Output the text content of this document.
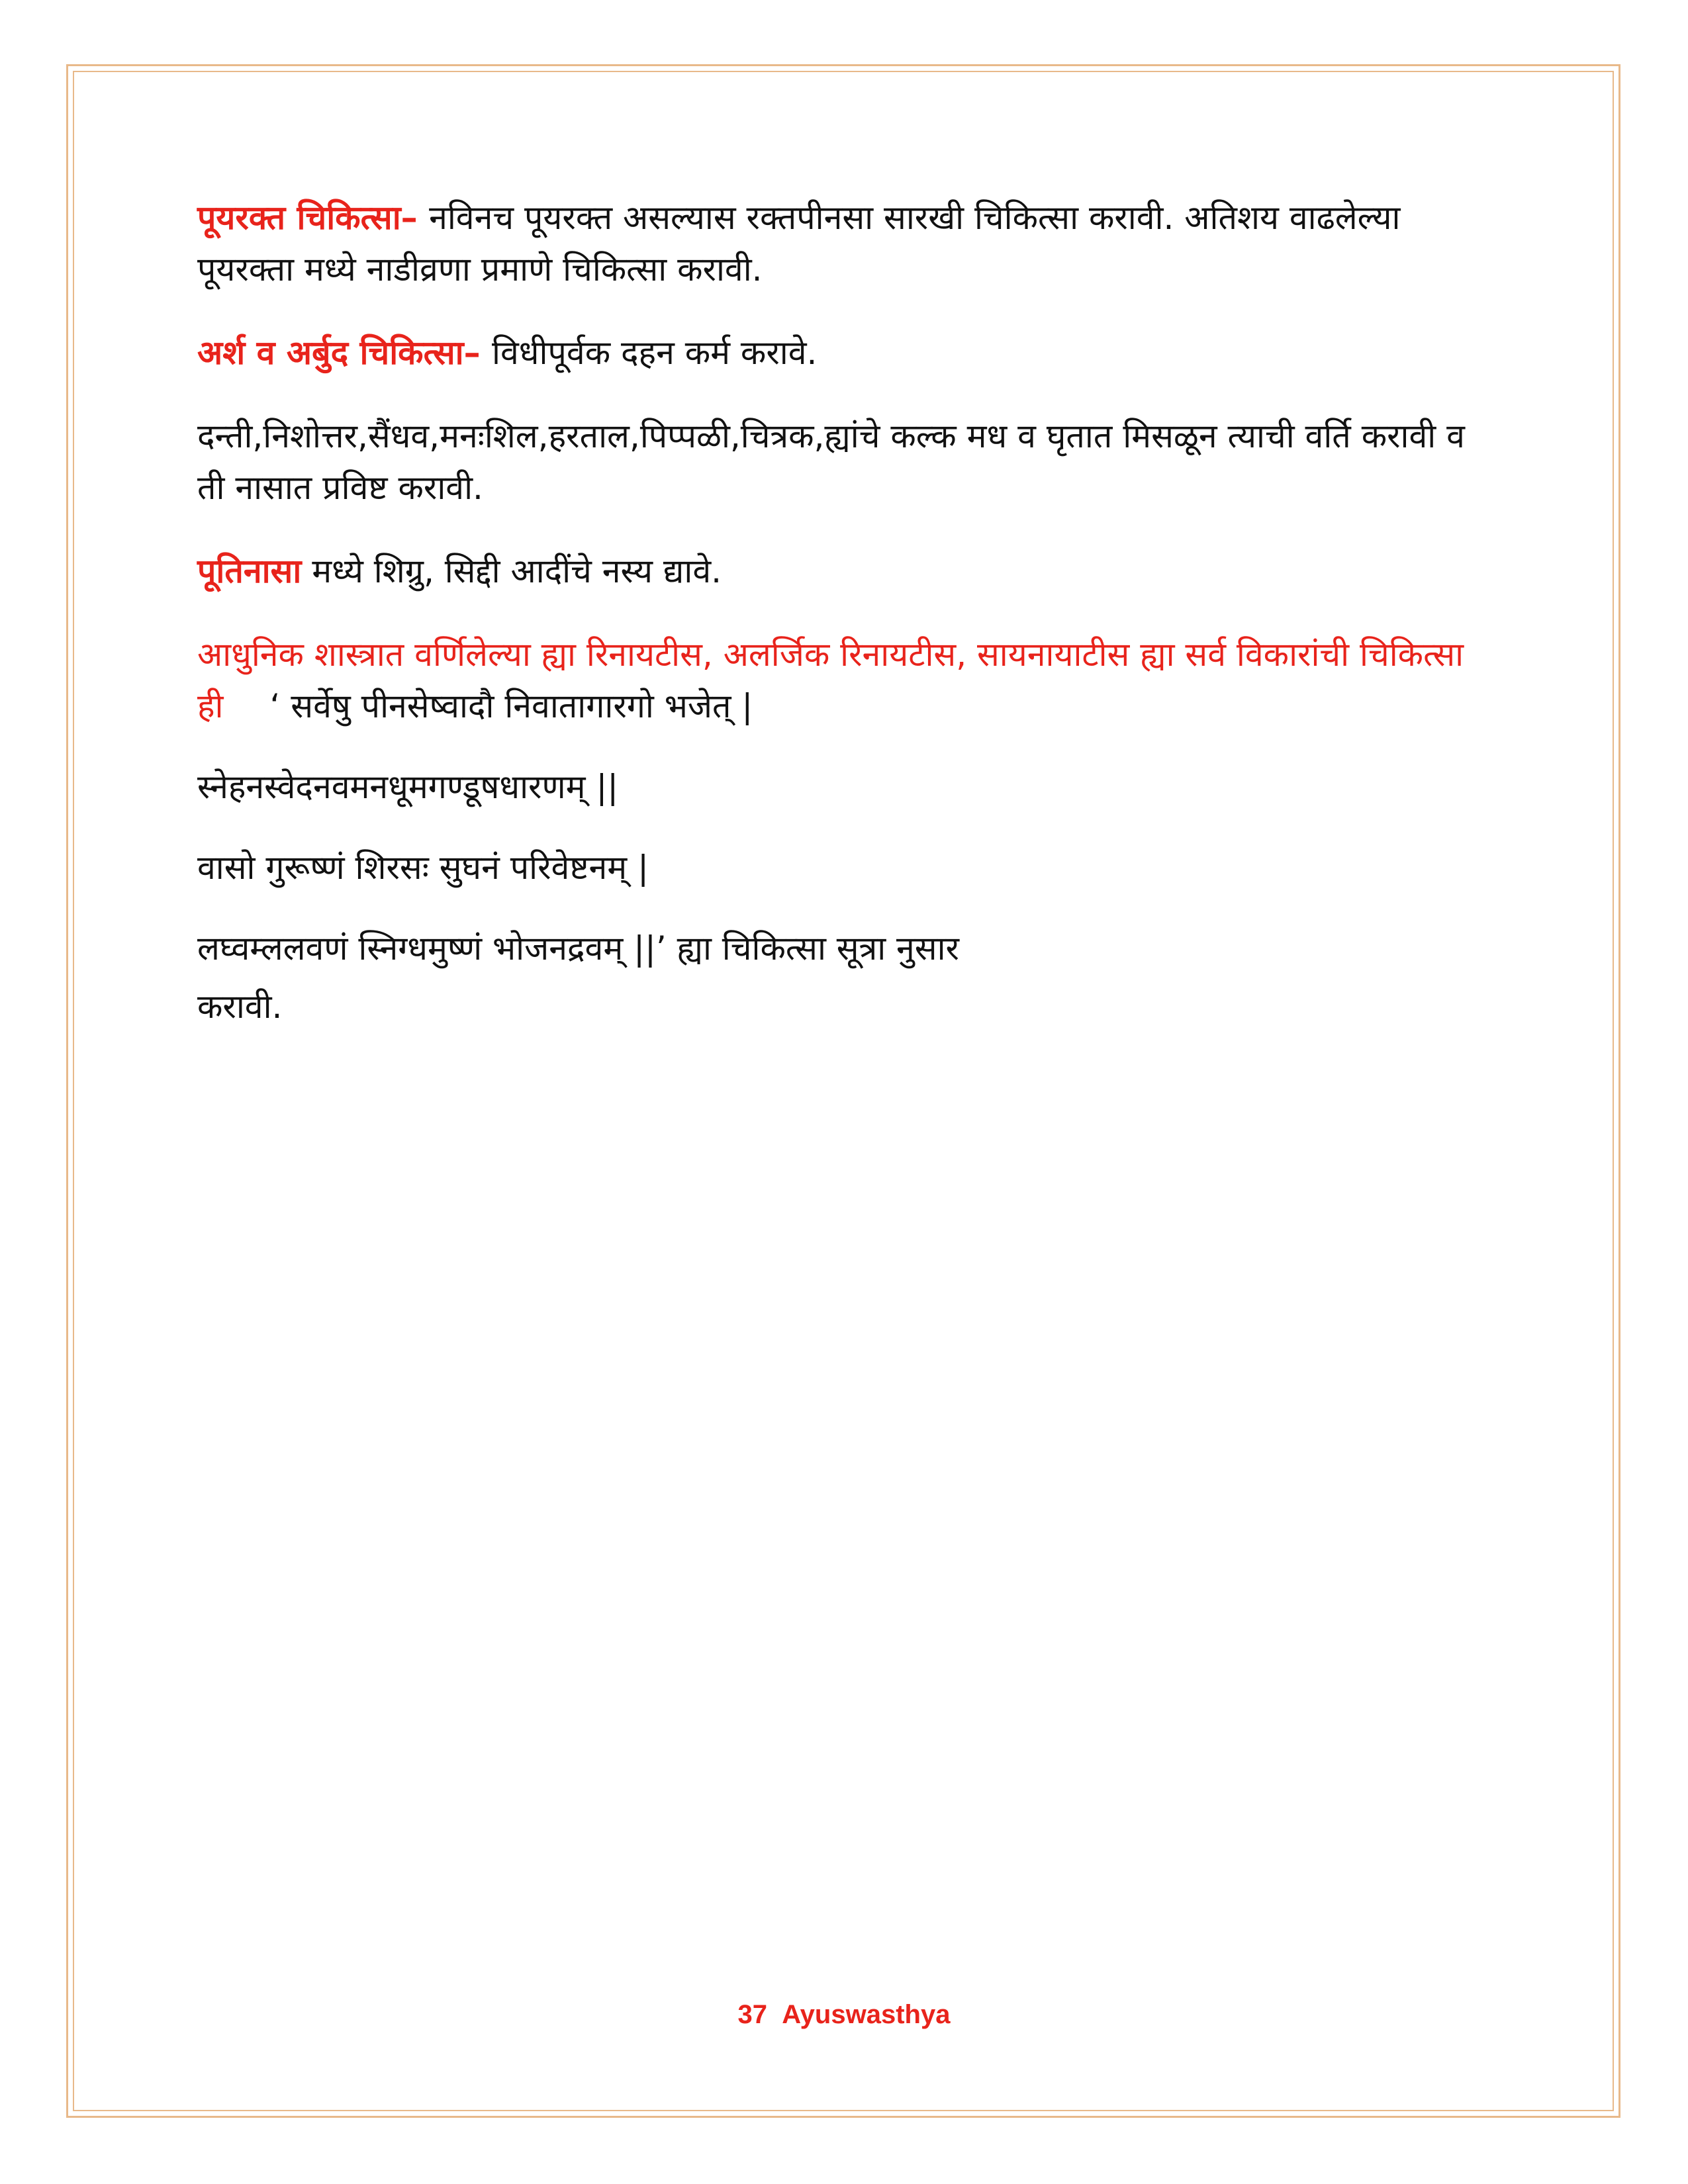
पूयरक्त चिकित्सा– नविनच पूयरक्त असल्यास रक्तपीनसा सारखी चिकित्सा करावी. अतिशय वाढलेल्या पूयरक्ता मध्ये नाडीव्रणा प्रमाणे चिकित्सा करावी.

अर्श व अर्बुद चिकित्सा– विधीपूर्वक दहन कर्म करावे.

दन्ती,निशोत्तर,सैंधव,मनःशिल,हरताल,पिप्पळी,चित्रक,ह्यांचे कल्क मध व घृतात मिसळून त्याची वर्ति करावी व ती नासात प्रविष्ट करावी.

पूतिनासा मध्ये शिग्रु, सिद्दी आदींचे नस्य द्यावे.

आधुनिक शास्त्रात वर्णिलेल्या ह्या रिनायटीस, अलर्जिक रिनायटीस, सायनायाटीस ह्या सर्व विकारांची चिकित्सा ही ‘ सर्वेषु पीनसेष्वादौ निवातागारगो भजेत् |

स्नेहनस्वेदनवमनधूमगण्डूषधारणम् ||

वासो गुरूष्णं शिरसः सुघनं परिवेष्टनम् |

लघ्वम्ललवणं स्निग्धमुष्णं भोजनद्रवम् ||’ ह्या चिकित्सा सूत्रा नुसार

करावी.

37 Ayuswasthya
